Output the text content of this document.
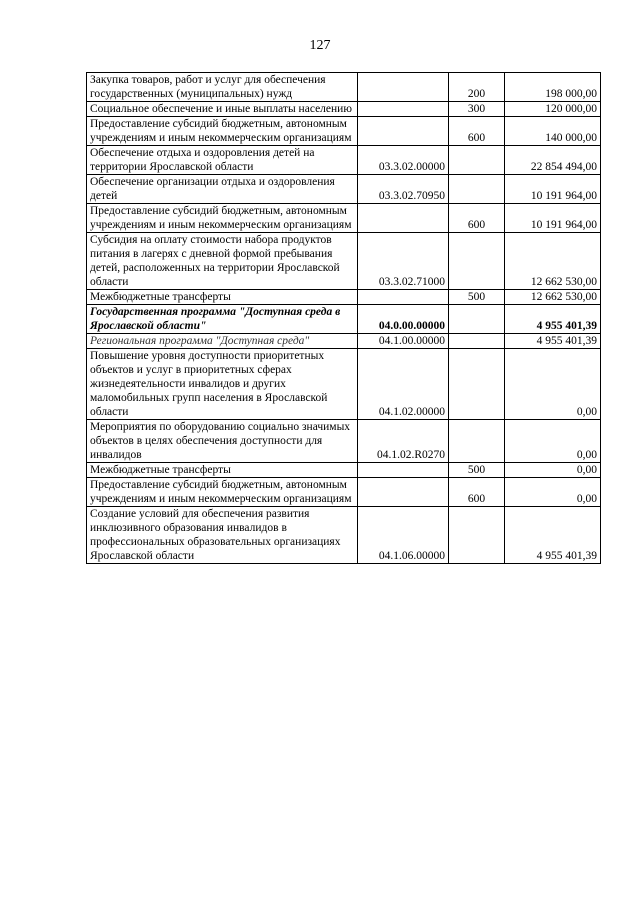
127
Закупка товаров, работ и услуг для обеспечения государственных (муниципальных) нужд		200	198 000,00
Социальное обеспечение и иные выплаты населению		300	120 000,00
Предоставление субсидий бюджетным, автономным учреждениям и иным некоммерческим организациям		600	140 000,00
Обеспечение отдыха и оздоровления детей на территории Ярославской области	03.3.02.00000		22 854 494,00
Обеспечение организации отдыха и оздоровления детей	03.3.02.70950		10 191 964,00
Предоставление субсидий бюджетным, автономным учреждениям и иным некоммерческим организациям		600	10 191 964,00
Субсидия на оплату стоимости набора продуктов питания в лагерях с дневной формой пребывания детей, расположенных на территории Ярославской области	03.3.02.71000		12 662 530,00
Межбюджетные трансферты		500	12 662 530,00
Государственная программа "Доступная среда в Ярославской области"	04.0.00.00000		4 955 401,39
Региональная программа "Доступная среда"	04.1.00.00000		4 955 401,39
Повышение уровня доступности приоритетных объектов и услуг в приоритетных сферах жизнедеятельности инвалидов и других маломобильных групп населения в Ярославской области	04.1.02.00000		0,00
Мероприятия по оборудованию социально значимых объектов в целях обеспечения доступности для инвалидов	04.1.02.R0270		0,00
Межбюджетные трансферты		500	0,00
Предоставление субсидий бюджетным, автономным учреждениям и иным некоммерческим организациям		600	0,00
Создание условий для обеспечения развития инклюзивного образования инвалидов в профессиональных образовательных организациях Ярославской области	04.1.06.00000		4 955 401,39
